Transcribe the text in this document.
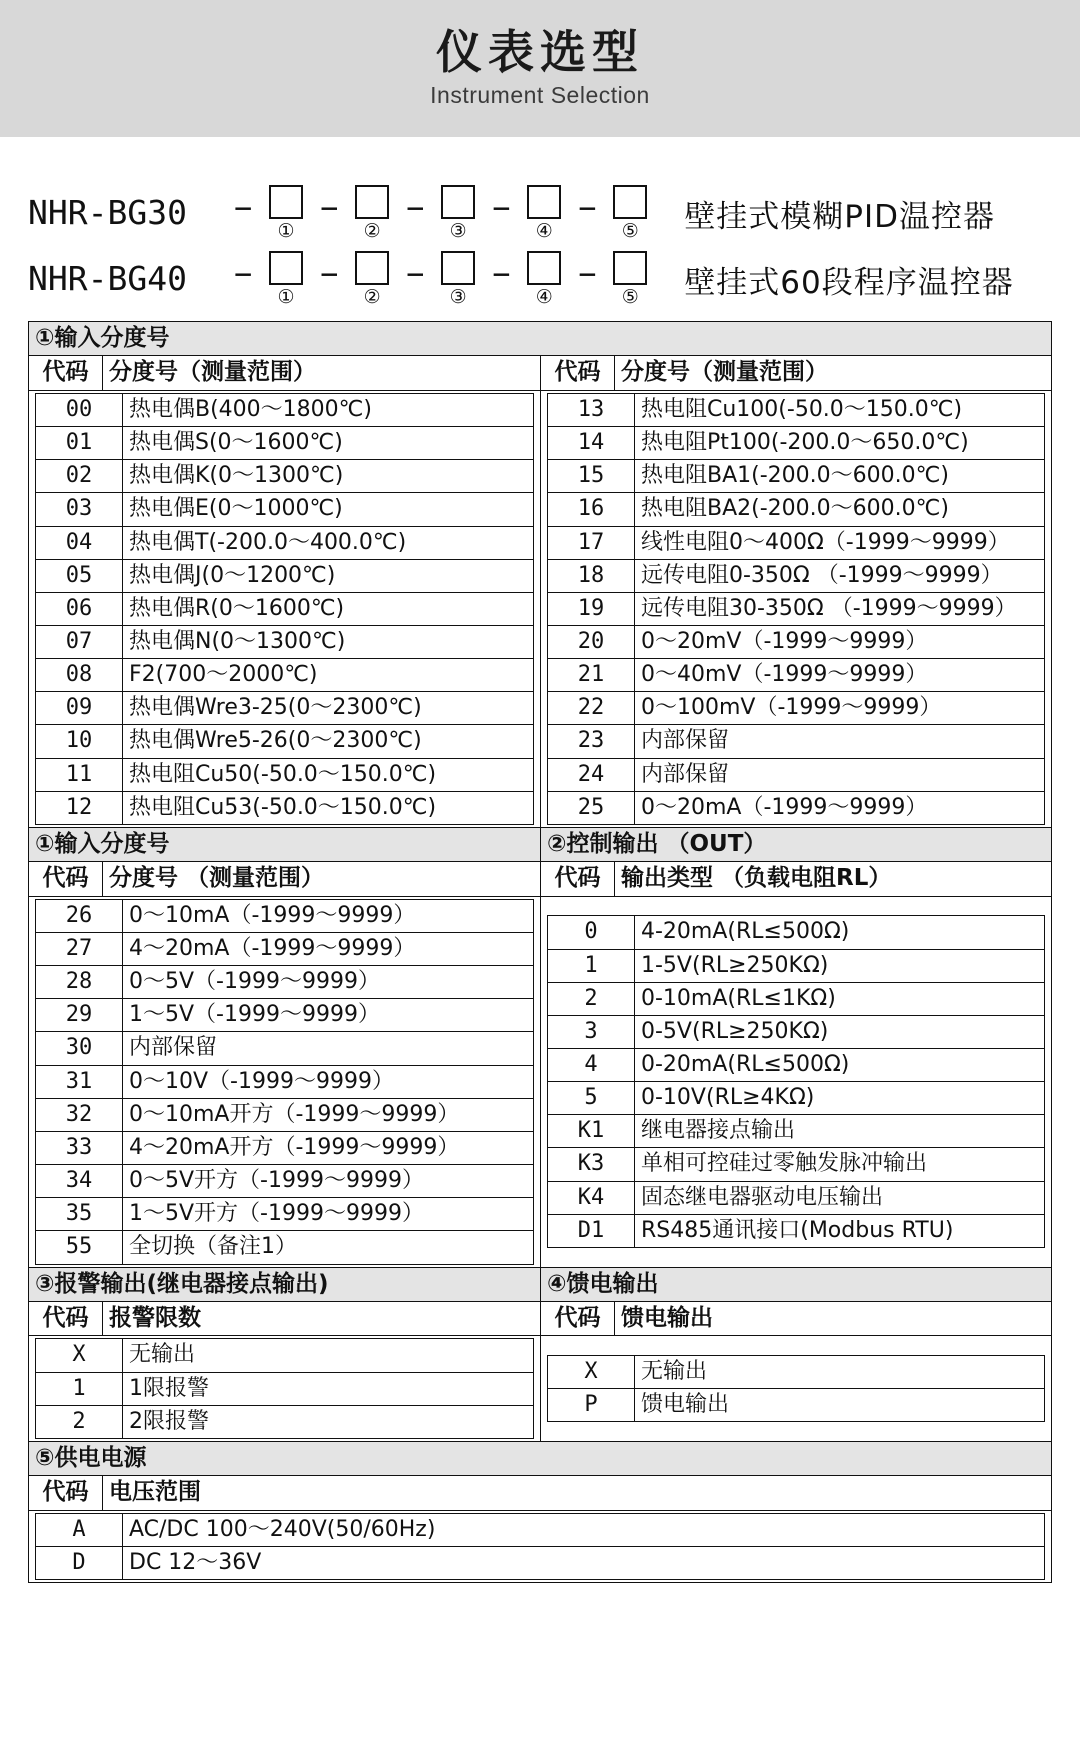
仪表选型
Instrument Selection
NHR-BG30	−
①
−
②
−
③
−
④
−
⑤ 壁挂式模糊PID温控器
NHR-BG40	−
①
−
②
−
③
−
④
−
⑤ 壁挂式60段程序温控器
①输入分度号
代码	分度号（测量范围）	代码	分度号（测量范围）

00	热电偶B(400〜1800℃)
01	热电偶S(0〜1600℃)
02	热电偶K(0〜1300℃)
03	热电偶E(0〜1000℃)
04	热电偶T(-200.0〜400.0℃)
05	热电偶J(0〜1200℃)
06	热电偶R(0〜1600℃)
07	热电偶N(0〜1300℃)
08	F2(700〜2000℃)
09	热电偶Wre3-25(0〜2300℃)
10	热电偶Wre5-26(0〜2300℃)
11	热电阻Cu50(-50.0〜150.0℃)
12	热电阻Cu53(-50.0〜150.0℃)

13	热电阻Cu100(-50.0〜150.0℃)
14	热电阻Pt100(-200.0〜650.0℃)
15	热电阻BA1(-200.0〜600.0℃)
16	热电阻BA2(-200.0〜600.0℃)
17	线性电阻0〜400Ω（-1999〜9999）
18	远传电阻0-350Ω （-1999〜9999）
19	远传电阻30-350Ω （-1999〜9999）
20	0〜20mV（-1999〜9999）
21	0〜40mV（-1999〜9999）
22	0〜100mV（-1999〜9999）
23	内部保留
24	内部保留
25	0〜20mA（-1999〜9999）

①输入分度号	②控制输出 （OUT）
代码	分度号 （测量范围）	代码	输出类型 （负载电阻RL）

26	0〜10mA（-1999〜9999）
27	4〜20mA（-1999〜9999）
28	0〜5V（-1999〜9999）
29	1〜5V（-1999〜9999）
30	内部保留
31	0〜10V（-1999〜9999）
32	0〜10mA开方（-1999〜9999）
33	4〜20mA开方（-1999〜9999）
34	0〜5V开方（-1999〜9999）
35	1〜5V开方（-1999〜9999）
55	全切换（备注1）

0	4-20mA(RL≤500Ω)
1	1-5V(RL≥250KΩ)
2	0-10mA(RL≤1KΩ)
3	0-5V(RL≥250KΩ)
4	0-20mA(RL≤500Ω)
5	0-10V(RL≥4KΩ)
K1	继电器接点输出
K3	单相可控硅过零触发脉冲输出
K4	固态继电器驱动电压输出
D1	RS485通讯接口(Modbus RTU)

③报警输出(继电器接点输出)	④馈电输出
代码	报警限数	代码	馈电输出

X	无输出
1	1限报警
2	2限报警

X	无输出
P	馈电输出

⑤供电电源
代码	电压范围

A	AC/DC 100〜240V(50/60Hz)
D	DC 12〜36V
